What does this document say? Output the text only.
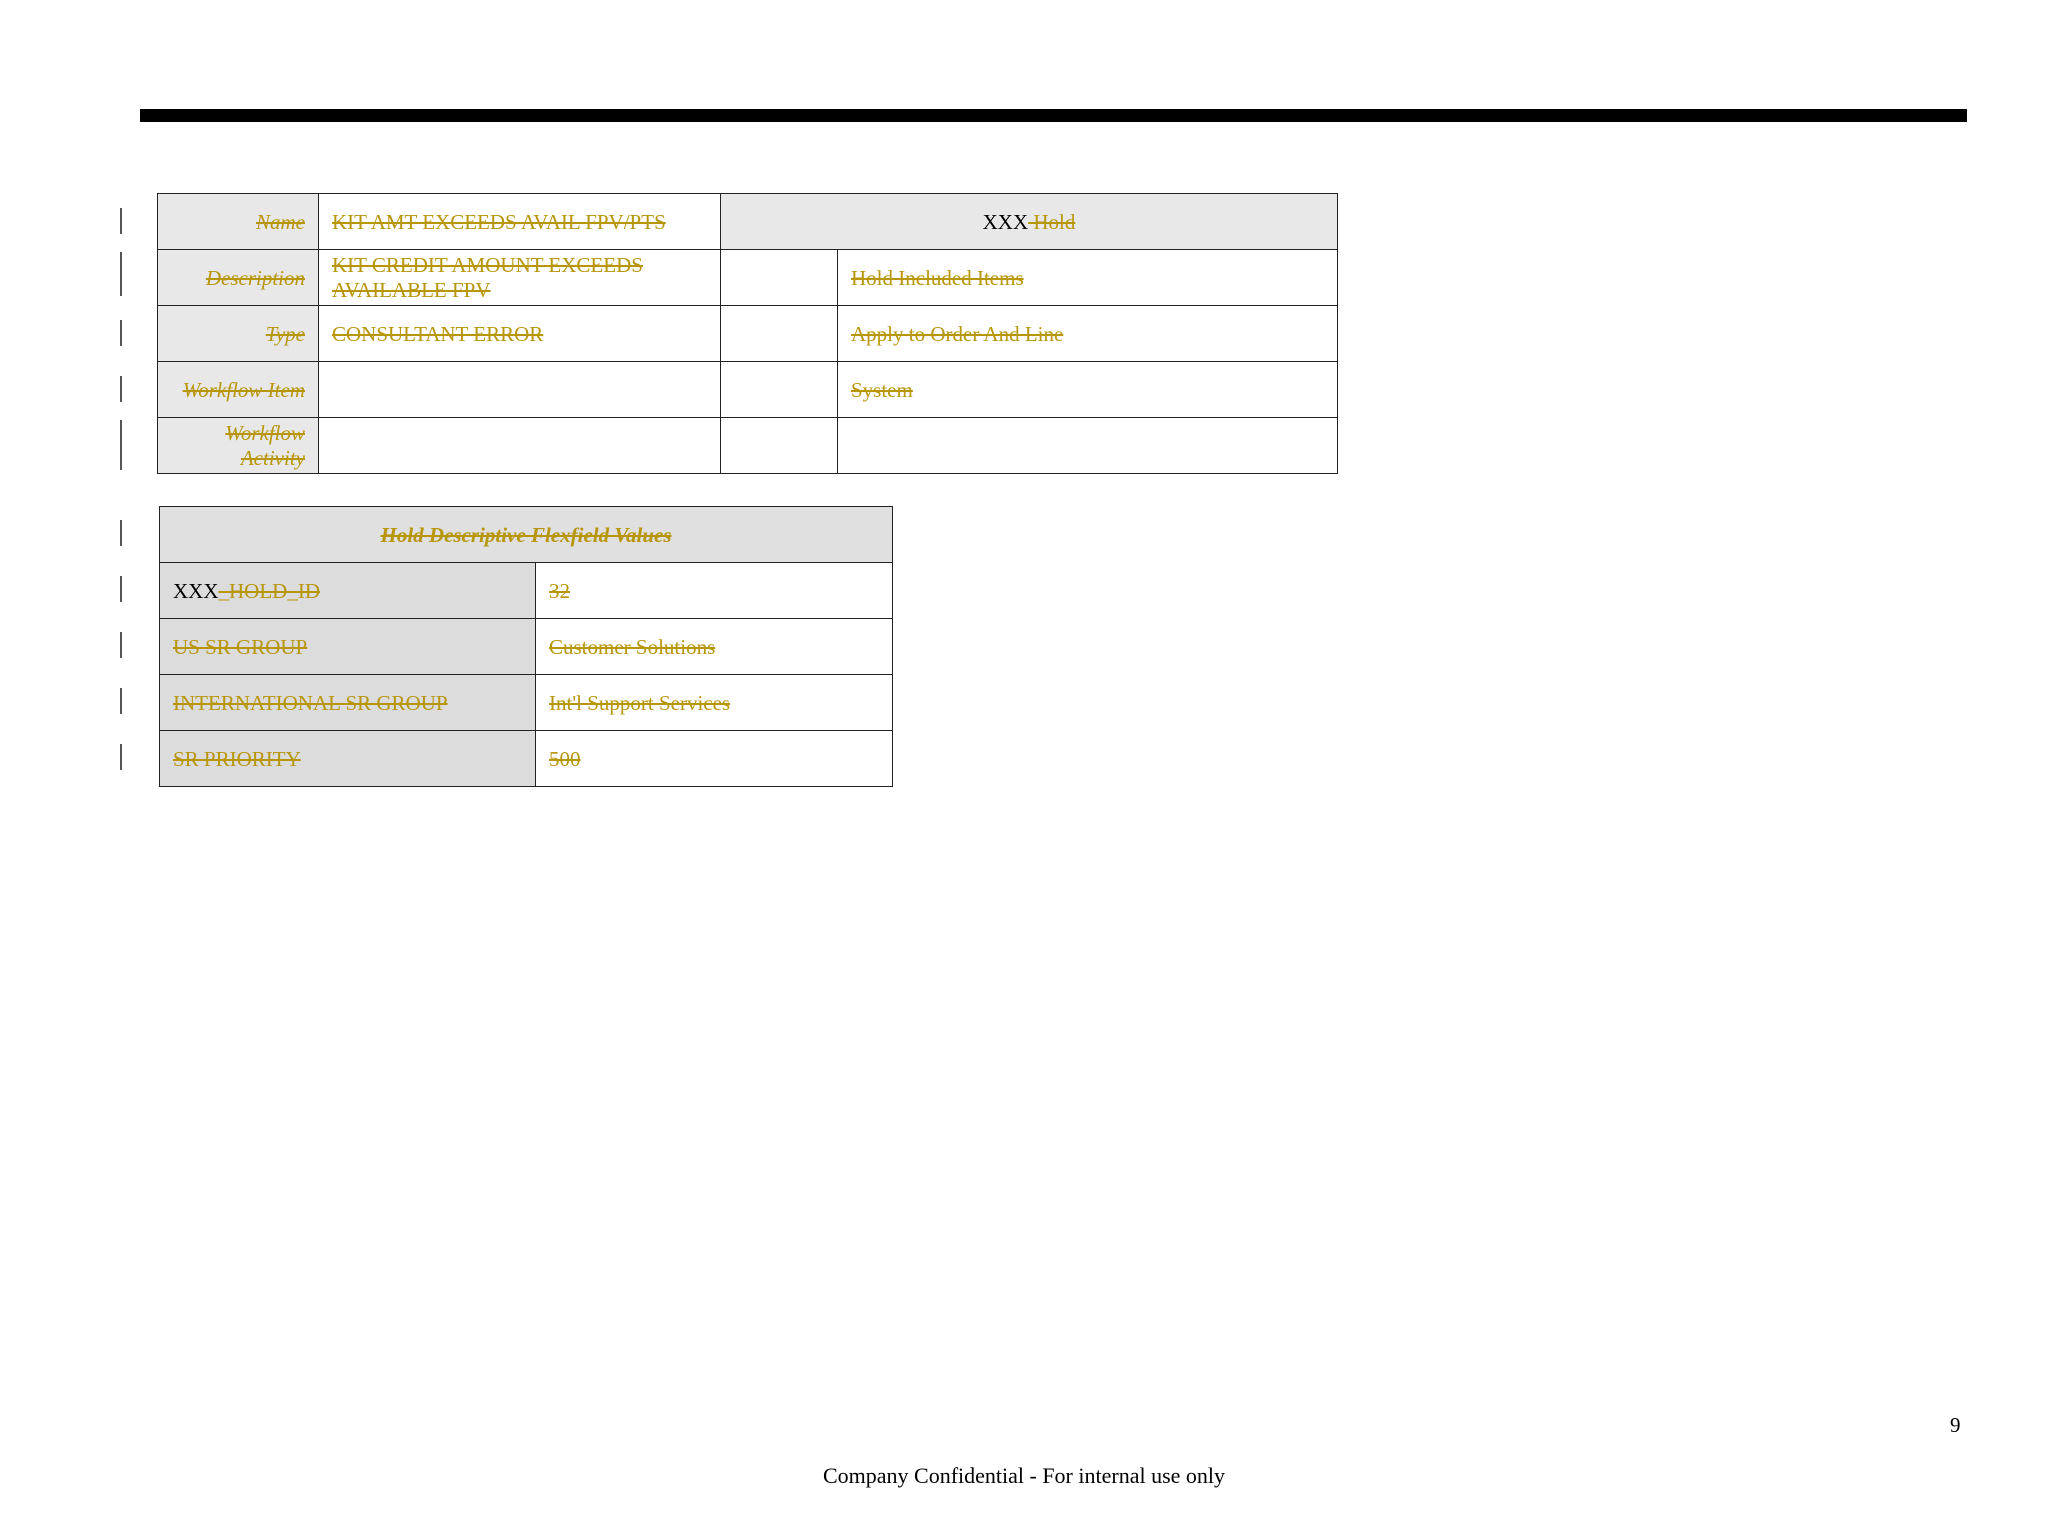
Name	KIT AMT EXCEEDS AVAIL FPV/PTS	XXX Hold	
Description	KIT CREDIT AMOUNT EXCEEDS AVAILABLE FPV		Hold Included Items
Type	CONSULTANT ERROR		Apply to Order And Line
Workflow Item			System
Workflow Activity			
Hold Descriptive Flexfield Values	
XXX_HOLD_ID	32
US SR GROUP	Customer Solutions
INTERNATIONAL SR GROUP	Int'l Support Services
SR PRIORITY	500
9
Company Confidential - For internal use only
